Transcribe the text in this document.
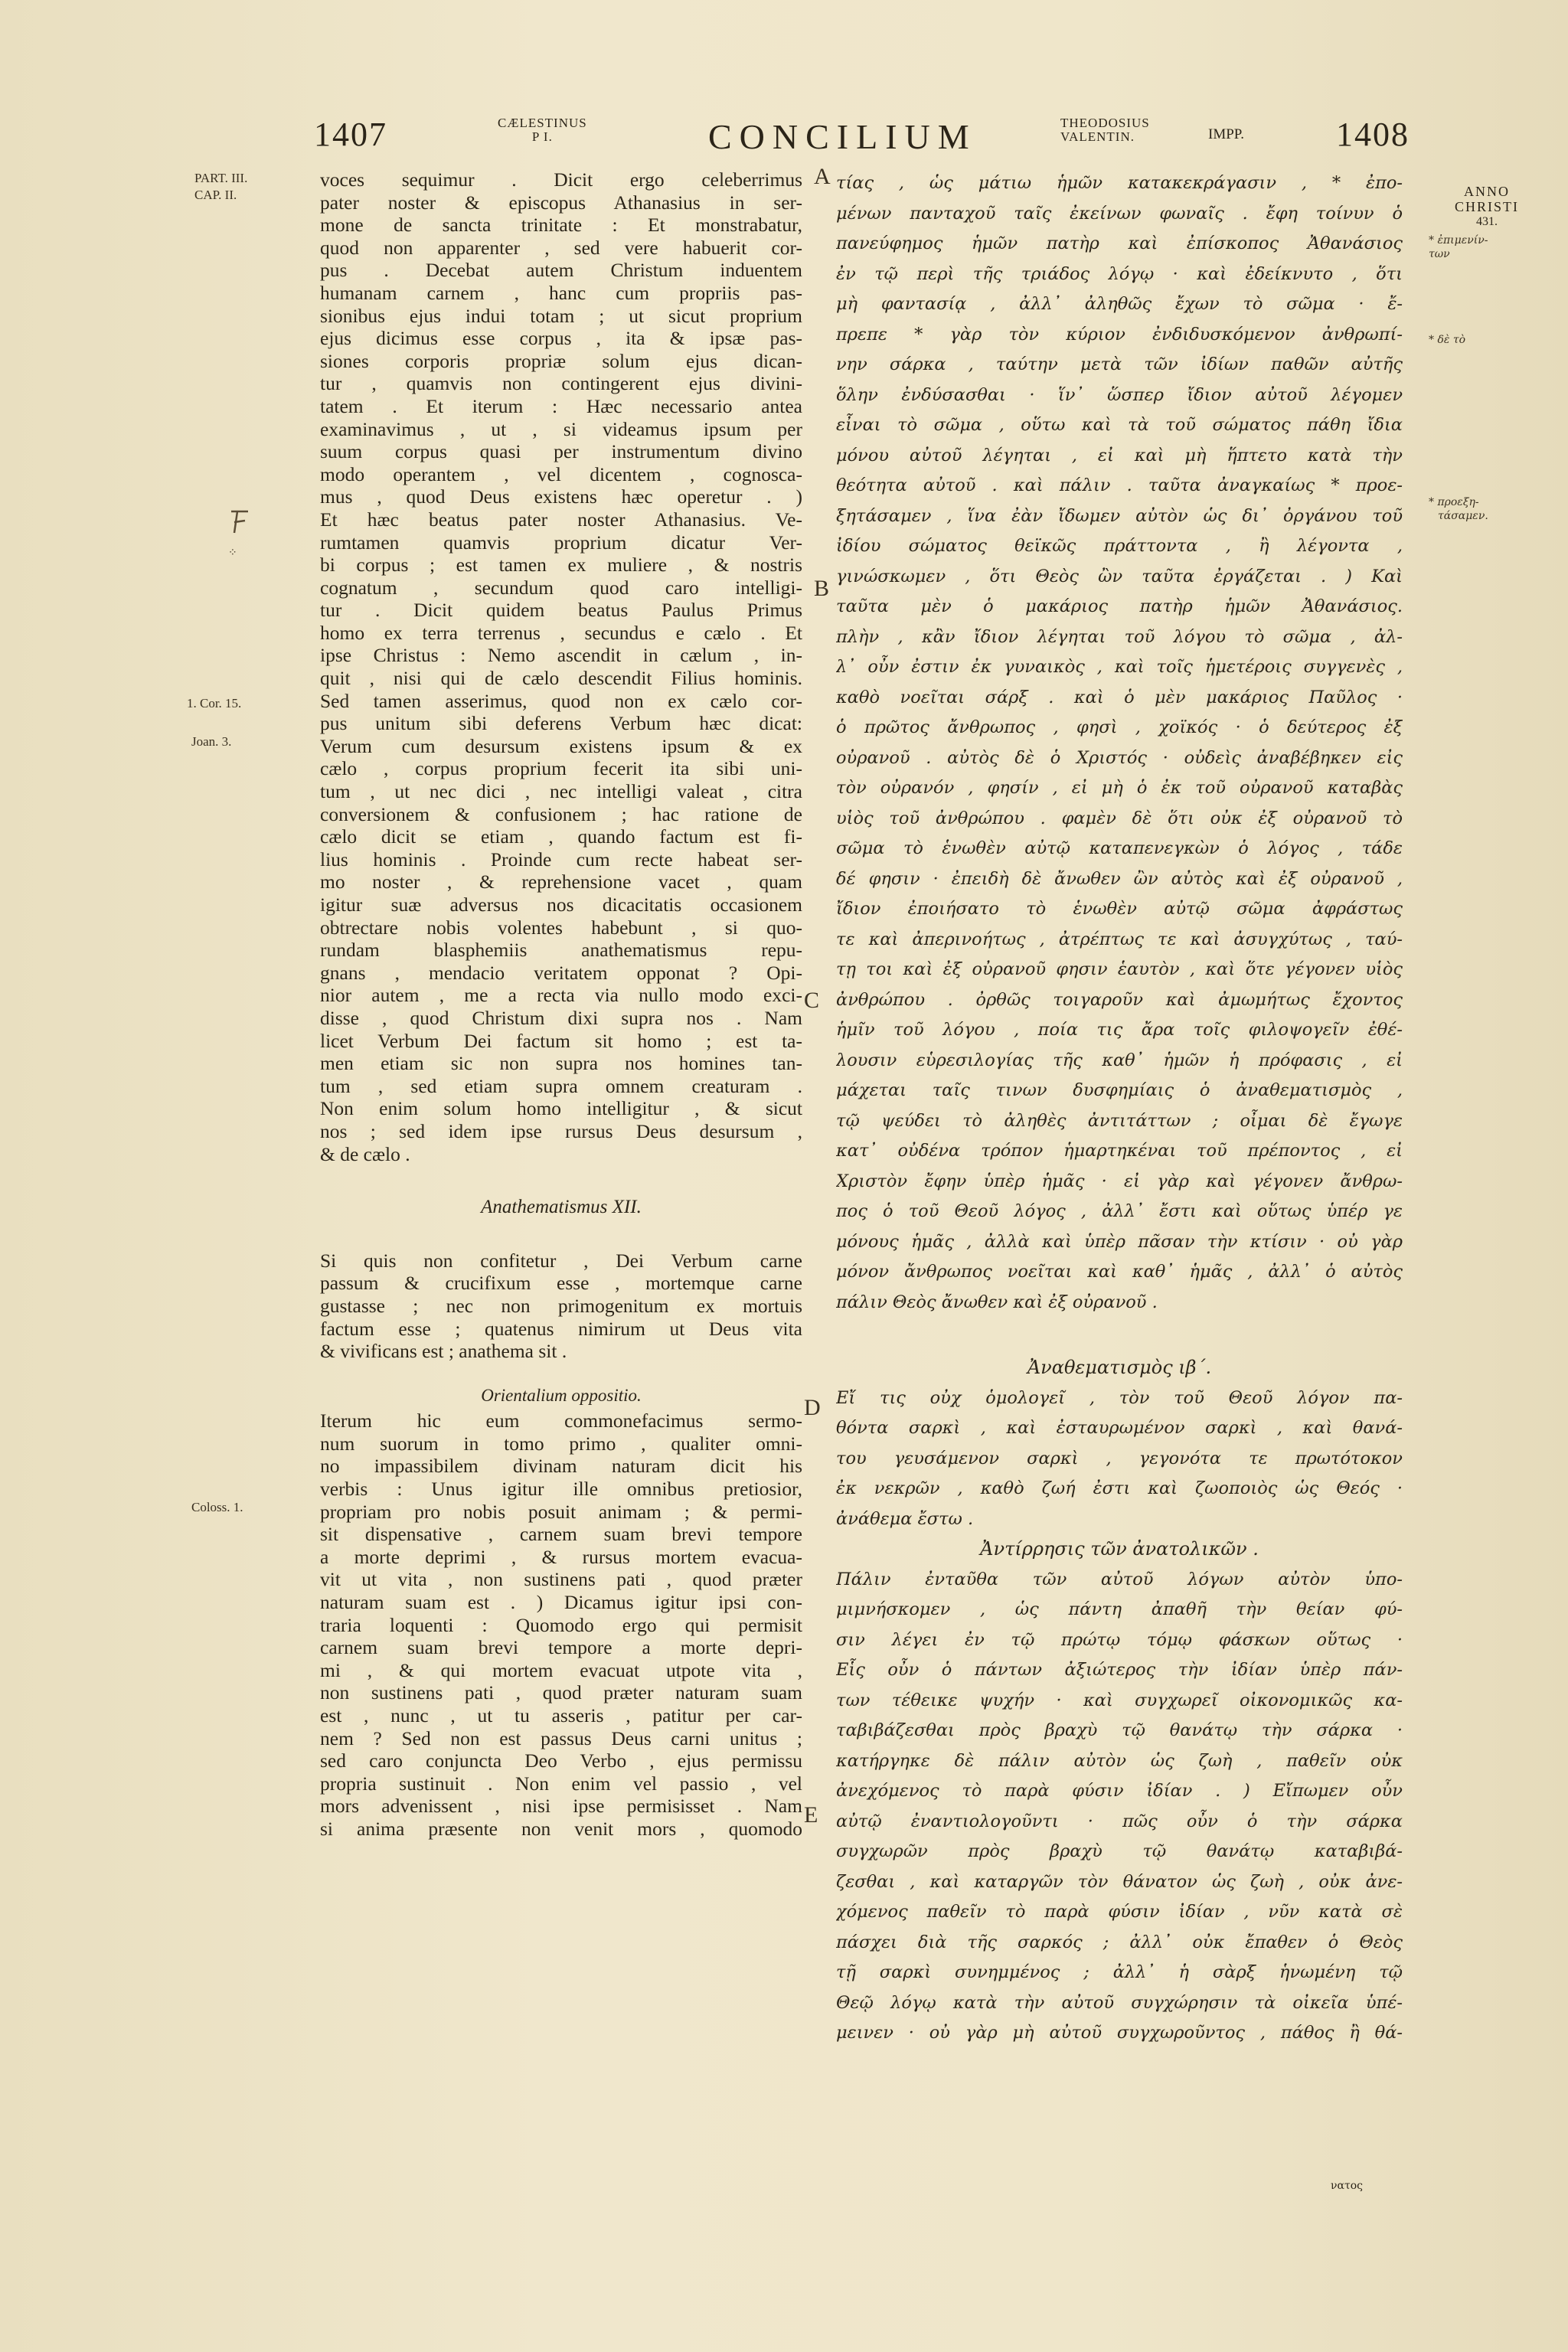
1407	CÆLESTINUS
P I.	CONCILIUM	THEODOSIUS
VALENTIN.	IMPP.	1408
PART. III.
CAP. II.
⁘
1. Cor. 15.
Joan. 3.
Coloss. 1.
A
B
C
D
E
ANNO
CHRISTI
431.
* ἐπιμενίν-
των
* δὲ τὸ
* προεξη-
τάσαμεν.
voces sequimur . Dicit ergo celeberrimus
pater noster & episcopus Athanasius in ser-
mone de sancta trinitate : Et monstrabatur,
quod non apparenter , sed vere habuerit cor-
pus . Decebat autem Christum induentem
humanam carnem , hanc cum propriis pas-
sionibus ejus indui totam ; ut sicut proprium
ejus dicimus esse corpus , ita & ipsæ pas-
siones corporis propriæ solum ejus dican-
tur , quamvis non contingerent ejus divini-
tatem . Et iterum : Hæc necessario antea
examinavimus , ut , si videamus ipsum per
suum corpus quasi per instrumentum divino
modo operantem , vel dicentem , cognosca-
mus , quod Deus existens hæc operetur . )
Et hæc beatus pater noster Athanasius. Ve-
rumtamen quamvis proprium dicatur Ver-
bi corpus ; est tamen ex muliere , & nostris
cognatum , secundum quod caro intelligi-
tur . Dicit quidem beatus Paulus Primus
homo ex terra terrenus , secundus e cælo . Et
ipse Christus : Nemo ascendit in cælum , in-
quit , nisi qui de cælo descendit Filius hominis.
Sed tamen asserimus, quod non ex cælo cor-
pus unitum sibi deferens Verbum hæc dicat:
Verum cum desursum existens ipsum & ex
cælo , corpus proprium fecerit ita sibi uni-
tum , ut nec dici , nec intelligi valeat , citra
conversionem & confusionem ; hac ratione de
cælo dicit se etiam , quando factum est fi-
lius hominis . Proinde cum recte habeat ser-
mo noster , & reprehensione vacet , quam
igitur suæ adversus nos dicacitatis occasionem
obtrectare nobis volentes habebunt , si quo-
rundam blasphemiis anathematismus repu-
gnans , mendacio veritatem opponat ? Opi-
nior autem , me a recta via nullo modo exci-
disse , quod Christum dixi supra nos . Nam
licet Verbum Dei factum sit homo ; est ta-
men etiam sic non supra nos homines tan-
tum , sed etiam supra omnem creaturam .
Non enim solum homo intelligitur , & sicut
nos ; sed idem ipse rursus Deus desursum ,
& de cælo .
Anathematismus XII.
Si quis non confitetur , Dei Verbum carne
passum & crucifixum esse , mortemque carne
gustasse ; nec non primogenitum ex mortuis
factum esse ; quatenus nimirum ut Deus vita
& vivificans est ; anathema sit .
Orientalium oppositio.
Iterum hic eum commonefacimus sermo-
num suorum in tomo primo , qualiter omni-
no impassibilem divinam naturam dicit his
verbis : Unus igitur ille omnibus pretiosior,
propriam pro nobis posuit animam ; & permi-
sit dispensative , carnem suam brevi tempore
a morte deprimi , & rursus mortem evacua-
vit ut vita , non sustinens pati , quod præter
naturam suam est . ) Dicamus igitur ipsi con-
traria loquenti : Quomodo ergo qui permisit
carnem suam brevi tempore a morte depri-
mi , & qui mortem evacuat utpote vita ,
non sustinens pati , quod præter naturam suam
est , nunc , ut tu asseris , patitur per car-
nem ? Sed non est passus Deus carni unitus ;
sed caro conjuncta Deo Verbo , ejus permissu
propria sustinuit . Non enim vel passio , vel
mors advenissent , nisi ipse permisisset . Nam
si anima præsente non venit mors , quomodo
τίας , ὡς μάτιω ἡμῶν κατακεκράγασιν , * ἐπο-
μένων πανταχοῦ ταῖς ἐκείνων φωναῖς . ἔφη τοίνυν ὁ
πανεύφημος ἡμῶν πατὴρ καὶ ἐπίσκοπος Ἀθανάσιος
ἐν τῷ περὶ τῆς τριάδος λόγῳ · καὶ ἐδείκνυτο , ὅτι
μὴ φαντασίᾳ , ἀλλ᾽ ἀληθῶς ἔχων τὸ σῶμα · ἔ-
πρεπε * γὰρ τὸν κύριον ἐνδιδυσκόμενον ἀνθρωπί-
νην σάρκα , ταύτην μετὰ τῶν ἰδίων παθῶν αὐτῆς
ὅλην ἐνδύσασθαι · ἵν᾽ ὥσπερ ἴδιον αὐτοῦ λέγομεν
εἶναι τὸ σῶμα , οὕτω καὶ τὰ τοῦ σώματος πάθη ἴδια
μόνου αὐτοῦ λέγηται , εἰ καὶ μὴ ἥπτετο κατὰ τὴν
θεότητα αὐτοῦ . καὶ πάλιν . ταῦτα ἀναγκαίως * προε-
ξητάσαμεν , ἵνα ἐὰν ἴδωμεν αὐτὸν ὡς δι᾽ ὀργάνου τοῦ
ἰδίου σώματος θεϊκῶς πράττοντα , ἢ λέγοντα ,
γινώσκωμεν , ὅτι Θεὸς ὢν ταῦτα ἐργάζεται . ) Καὶ
ταῦτα μὲν ὁ μακάριος πατὴρ ἡμῶν Ἀθανάσιος.
πλὴν , κἂν ἴδιον λέγηται τοῦ λόγου τὸ σῶμα , ἀλ-
λ᾽ οὖν ἐστιν ἐκ γυναικὸς , καὶ τοῖς ἡμετέροις συγγενὲς ,
καθὸ νοεῖται σάρξ . καὶ ὁ μὲν μακάριος Παῦλος ·
ὁ πρῶτος ἄνθρωπος , φησὶ , χοϊκός · ὁ δεύτερος ἐξ
οὐρανοῦ . αὐτὸς δὲ ὁ Χριστός · οὐδεὶς ἀναβέβηκεν εἰς
τὸν οὐρανόν , φησίν , εἰ μὴ ὁ ἐκ τοῦ οὐρανοῦ καταβὰς
υἱὸς τοῦ ἀνθρώπου . φαμὲν δὲ ὅτι οὐκ ἐξ οὐρανοῦ τὸ
σῶμα τὸ ἑνωθὲν αὐτῷ καταπενεγκὼν ὁ λόγος , τάδε
δέ φησιν · ἐπειδὴ δὲ ἄνωθεν ὢν αὐτὸς καὶ ἐξ οὐρανοῦ ,
ἴδιον ἐποιήσατο τὸ ἑνωθὲν αὐτῷ σῶμα ἀφράστως
τε καὶ ἀπερινοήτως , ἀτρέπτως τε καὶ ἀσυγχύτως , ταύ-
τῃ τοι καὶ ἐξ οὐρανοῦ φησιν ἑαυτὸν , καὶ ὅτε γέγονεν υἱὸς
ἀνθρώπου . ὀρθῶς τοιγαροῦν καὶ ἀμωμήτως ἔχοντος
ἡμῖν τοῦ λόγου , ποία τις ἄρα τοῖς φιλοψογεῖν ἐθέ-
λουσιν εὑρεσιλογίας τῆς καθ᾽ ἡμῶν ἡ πρόφασις , εἰ
μάχεται ταῖς τινων δυσφημίαις ὁ ἀναθεματισμὸς ,
τῷ ψεύδει τὸ ἀληθὲς ἀντιτάττων ; οἶμαι δὲ ἔγωγε
κατ᾽ οὐδένα τρόπον ἡμαρτηκέναι τοῦ πρέποντος , εἰ
Χριστὸν ἔφην ὑπὲρ ἡμᾶς · εἰ γὰρ καὶ γέγονεν ἄνθρω-
πος ὁ τοῦ Θεοῦ λόγος , ἀλλ᾽ ἔστι καὶ οὕτως ὑπέρ γε
μόνους ἡμᾶς , ἀλλὰ καὶ ὑπὲρ πᾶσαν τὴν κτίσιν · οὐ γὰρ
μόνον ἄνθρωπος νοεῖται καὶ καθ᾽ ἡμᾶς , ἀλλ᾽ ὁ αὐτὸς
πάλιν Θεὸς ἄνωθεν καὶ ἐξ οὐρανοῦ .
Ἀναθεματισμὸς ιβ΄.
Εἴ τις οὐχ ὁμολογεῖ , τὸν τοῦ Θεοῦ λόγον πα-
θόντα σαρκὶ , καὶ ἐσταυρωμένον σαρκὶ , καὶ θανά-
του γευσάμενον σαρκὶ , γεγονότα τε πρωτότοκον
ἐκ νεκρῶν , καθὸ ζωή ἐστι καὶ ζωοποιὸς ὡς Θεός ·
ἀνάθεμα ἔστω .
Ἀντίρρησις τῶν ἀνατολικῶν .
Πάλιν ἐνταῦθα τῶν αὐτοῦ λόγων αὐτὸν ὑπο-
μιμνήσκομεν , ὡς πάντη ἀπαθῆ τὴν θείαν φύ-
σιν λέγει ἐν τῷ πρώτῳ τόμῳ φάσκων οὕτως ·
Εἷς οὖν ὁ πάντων ἀξιώτερος τὴν ἰδίαν ὑπὲρ πάν-
των τέθεικε ψυχήν · καὶ συγχωρεῖ οἰκονομικῶς κα-
ταβιβάζεσθαι πρὸς βραχὺ τῷ θανάτῳ τὴν σάρκα ·
κατήργηκε δὲ πάλιν αὐτὸν ὡς ζωὴ , παθεῖν οὐκ
ἀνεχόμενος τὸ παρὰ φύσιν ἰδίαν . ) Εἴπωμεν οὖν
αὐτῷ ἐναντιολογοῦντι · πῶς οὖν ὁ τὴν σάρκα
συγχωρῶν πρὸς βραχὺ τῷ θανάτῳ καταβιβά-
ζεσθαι , καὶ καταργῶν τὸν θάνατον ὡς ζωὴ , οὐκ ἀνε-
χόμενος παθεῖν τὸ παρὰ φύσιν ἰδίαν , νῦν κατὰ σὲ
πάσχει διὰ τῆς σαρκός ; ἀλλ᾽ οὐκ ἔπαθεν ὁ Θεὸς
τῇ σαρκὶ συνημμένος ; ἀλλ᾽ ἡ σὰρξ ἡνωμένη τῷ
Θεῷ λόγῳ κατὰ τὴν αὐτοῦ συγχώρησιν τὰ οἰκεῖα ὑπέ-
μεινεν · οὐ γὰρ μὴ αὐτοῦ συγχωροῦντος , πάθος ἢ θά-
νατος
